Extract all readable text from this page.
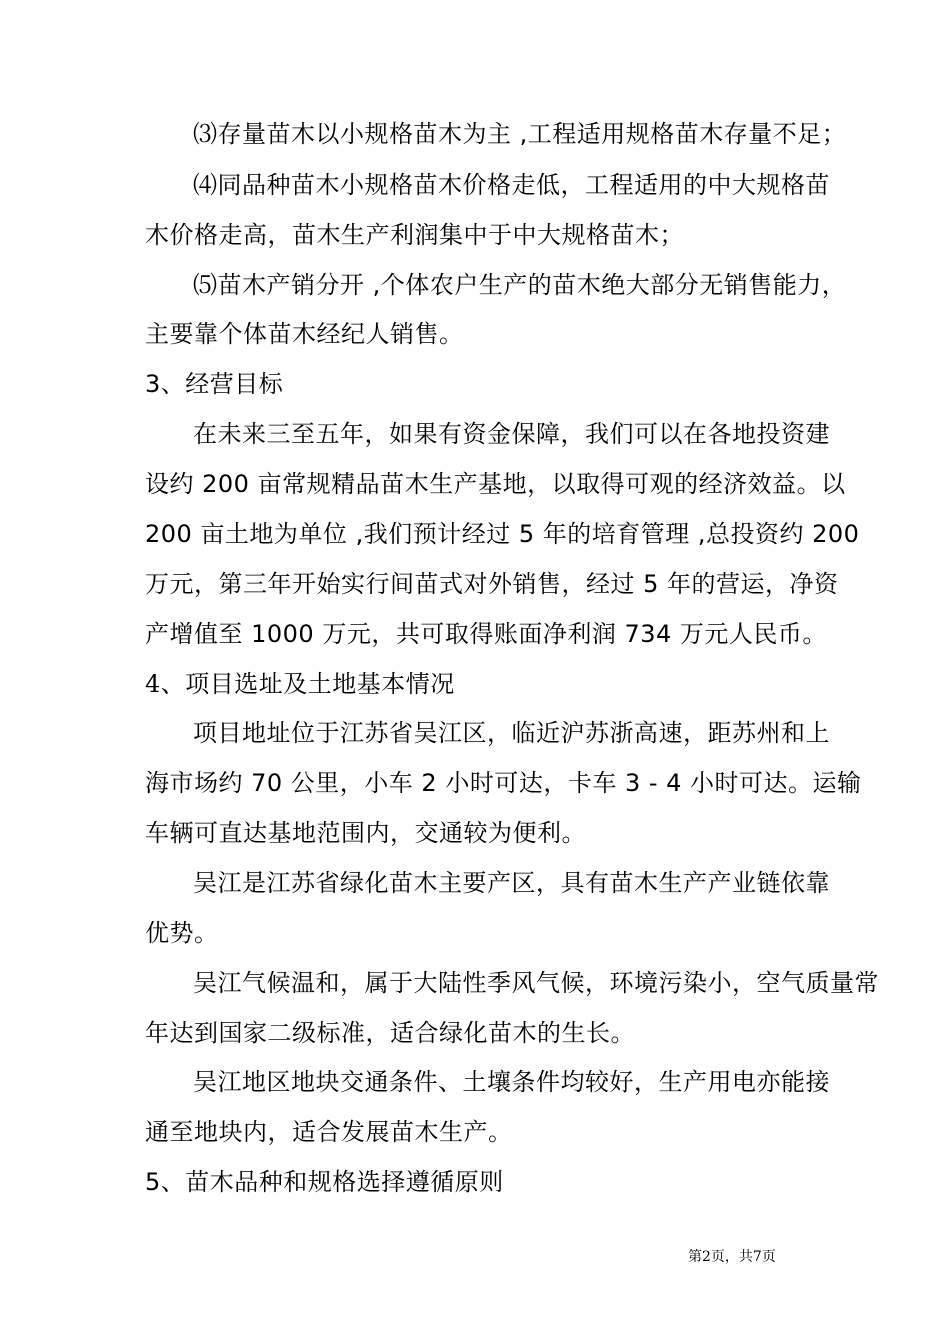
⑶存量苗木以小规格苗木为主 ,工程适用规格苗木存量不足；
⑷同品种苗木小规格苗木价格走低，工程适用的中大规格苗
木价格走高，苗木生产利润集中于中大规格苗木；
⑸苗木产销分开 ,个体农户生产的苗木绝大部分无销售能力，
主要靠个体苗木经纪人销售。
3、经营目标
在未来三至五年，如果有资金保障，我们可以在各地投资建
设约 200 亩常规精品苗木生产基地，以取得可观的经济效益。以
200 亩土地为单位 ,我们预计经过 5 年的培育管理 ,总投资约 200
万元，第三年开始实行间苗式对外销售，经过 5 年的营运，净资
产增值至 1000 万元，共可取得账面净利润 734 万元人民币。
4、项目选址及土地基本情况
项目地址位于江苏省吴江区，临近沪苏浙高速，距苏州和上
海市场约 70 公里，小车 2 小时可达，卡车 3 - 4 小时可达。运输
车辆可直达基地范围内，交通较为便利。
吴江是江苏省绿化苗木主要产区，具有苗木生产产业链依靠
优势。
吴江气候温和，属于大陆性季风气候，环境污染小，空气质量常
年达到国家二级标准，适合绿化苗木的生长。
吴江地区地块交通条件、土壤条件均较好，生产用电亦能接
通至地块内，适合发展苗木生产。
5、苗木品种和规格选择遵循原则
第2页，共7页
